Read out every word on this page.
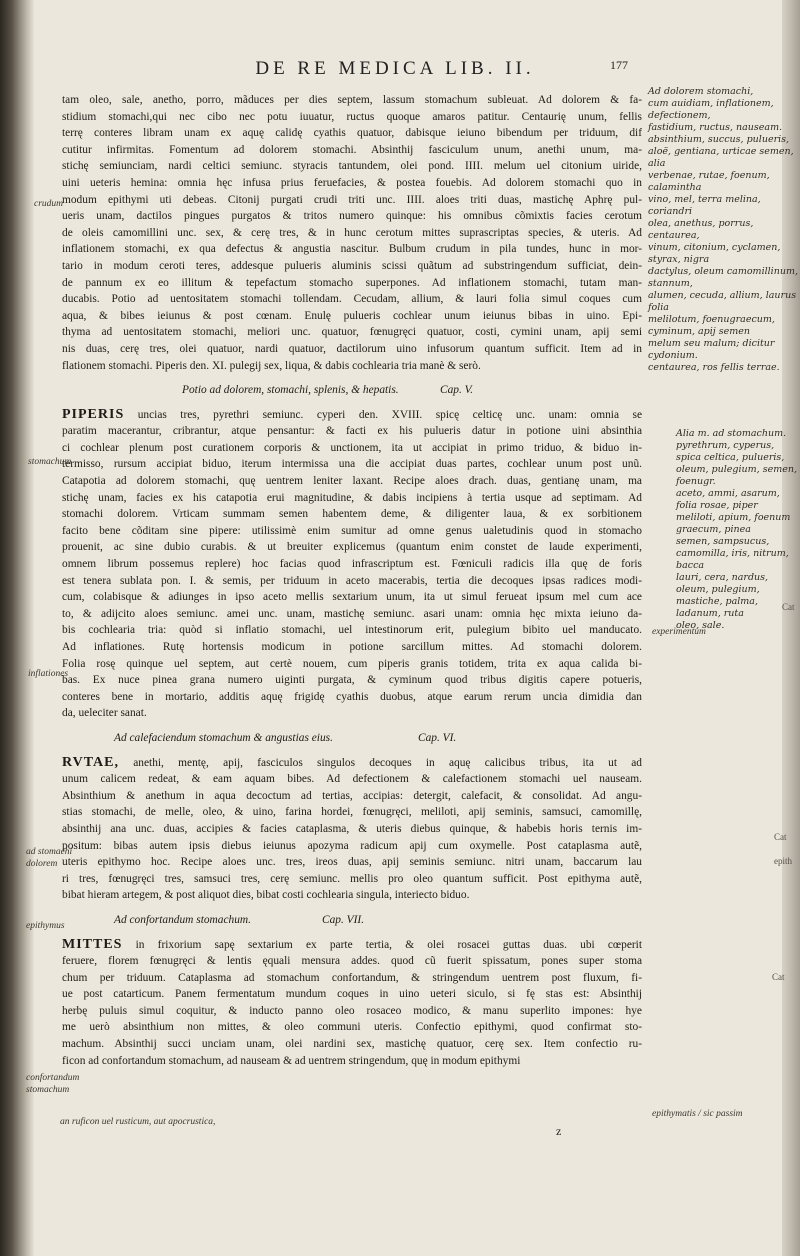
DE RE MEDICA LIB. II.	177
tam oleo, sale, anetho, porro, mãduces per dies septem, lassum stomachum subleuat. Ad dolorem & fa-
stidium stomachi,qui nec cibo nec potu iuuatur, ructus quoque amaros patitur. Centaurię unum, fellis
terrę conteres libram unam ex aquę calidę cyathis quatuor, dabisque ieiuno bibendum per triduum, dif
cutitur infirmitas. Fomentum ad dolorem stomachi. Absinthij fasciculum unum, anethi unum, ma-
stichę semiunciam, nardi celtici semiunc. styracis tantundem, olei pond. IIII. melum uel citonium uiride,
uini ueteris hemina: omnia hęc infusa prius feruefacies, & postea fouebis. Ad dolorem stomachi quo in
modum epithymi uti debeas. Citonij purgati crudi triti unc. IIII. aloes triti duas, mastichę Aphrę pul-
ueris unam, dactilos pingues purgatos & tritos numero quinque: his omnibus cõmixtis facies cerotum
de oleis camomillini unc. sex, & cerę tres, & in hunc cerotum mittes suprascriptas species, & uteris. Ad
inflationem stomachi, ex qua defectus & angustia nascitur. Bulbum crudum in pila tundes, hunc in mor-
tario in modum ceroti teres, addesque pulueris aluminis scissi quãtum ad substringendum sufficiat, dein-
de pannum ex eo illitum & tepefactum stomacho superpones. Ad inflationem stomachi, tutam man-
ducabis. Potio ad uentositatem stomachi tollendam. Cecudam, allium, & lauri folia simul coques cum
aqua, & bibes ieiunus & post cœnam. Enulę pulueris cochlear unum ieiunus bibas in uino. Epi-
thyma ad uentositatem stomachi, meliori unc. quatuor, fœnugręci quatuor, costi, cymini unam, apij semi
nis duas, cerę tres, olei quatuor, nardi quatuor, dactilorum uino infusorum quantum sufficit. Item ad in
flationem stomachi. Piperis den. XI. pulegij sex, liqua, & dabis cochlearia tria manè & serò.
Potio ad dolorem, stomachi, splenis, & hepatis.	Cap. V.
PIPERIS uncias tres, pyrethri semiunc. cyperi den. XVIII. spicę celticę unc. unam: omnia se
paratim macerantur, cribrantur, atque pensantur: & facti ex his pulueris datur in potione uini absinthia
ci cochlear plenum post curationem corporis & unctionem, ita ut accipiat in primo triduo, & biduo in-
termisso, rursum accipiat biduo, iterum intermissa una die accipiat duas partes, cochlear unum post unũ.
Catapotia ad dolorem stomachi, quę uentrem leniter laxant. Recipe aloes drach. duas, gentianę unam, ma
stichę unam, facies ex his catapotia erui magnitudine, & dabis incipiens à tertia usque ad septimam. Ad
stomachi dolorem. Vrticam summam semen habentem deme, & diligenter laua, & ex sorbitionem
facito bene cõditam sine pipere: utilissimè enim sumitur ad omne genus ualetudinis quod in stomacho
prouenit, ac sine dubio curabis. & ut breuiter explicemus (quantum enim constet de laude experimenti,
omnem librum possemus replere) hoc facias quod infrascriptum est. Fœniculi radicis illa quę de foris
est tenera sublata pon. I. & semis, per triduum in aceto macerabis, tertia die decoques ipsas radices modi-
cum, colabisque & adiunges in ipso aceto mellis sextarium unum, ita ut simul ferueat ipsum mel cum ace
to, & adijcito aloes semiunc. amei unc. unam, mastichę semiunc. asari unam: omnia hęc mixta ieiuno da-
bis cochlearia tria: quòd si inflatio stomachi, uel intestinorum erit, pulegium bibito uel manducato.
Ad inflationes. Rutę hortensis modicum in potione sarcillum mittes. Ad stomachi dolorem.
Folia rosę quinque uel septem, aut certè nouem, cum piperis granis totidem, trita ex aqua calida bi-
bas. Ex nuce pinea grana numero uiginti purgata, & cyminum quod tribus digitis capere potueris,
conteres bene in mortario, additis aquę frigidę cyathis duobus, atque earum rerum uncia dimidia dan
da, ueleciter sanat.
Ad calefaciendum stomachum & angustias eius.	Cap. VI.
RVTAE, anethi, mentę, apij, fasciculos singulos decoques in aquę calicibus tribus, ita ut ad
unum calicem redeat, & eam aquam bibes. Ad defectionem & calefactionem stomachi uel nauseam.
Absinthium & anethum in aqua decoctum ad tertias, accipias: detergit, calefacit, & consolidat. Ad angu-
stias stomachi, de melle, oleo, & uino, farina hordei, fœnugręci, meliloti, apij seminis, samsuci, camomillę,
absinthij ana unc. duas, accipies & facies cataplasma, & uteris diebus quinque, & habebis horis ternis im-
positum: bibas autem ipsis diebus ieiunus apozyma radicum apij cum oxymelle. Post cataplasma autẽ,
uteris epithymo hoc. Recipe aloes unc. tres, ireos duas, apij seminis semiunc. nitri unam, baccarum lau
ri tres, fœnugręci tres, samsuci tres, cerę semiunc. mellis pro oleo quantum sufficit. Post epithyma autẽ,
bibat hieram artegem, & post aliquot dies, bibat costi cochlearia singula, interiecto biduo.
Ad confortandum stomachum.	Cap. VII.
MITTES in frixorium sapę sextarium ex parte tertia, & olei rosacei guttas duas. ubi cœperit
feruere, florem fœnugręci & lentis ęquali mensura addes. quod cũ fuerit spissatum, pones super stoma
chum per triduum. Cataplasma ad stomachum confortandum, & stringendum uentrem post fluxum, fi-
ue post catarticum. Panem fermentatum mundum coques in uino ueteri siculo, si fę stas est: Absinthij
herbę puluis simul coquitur, & inducto panno oleo rosaceo modico, & manu superlito impones: hye
me uerò absinthium non mittes, & oleo communi uteris. Confectio epithymi, quod confirmat sto-
machum. Absinthij succi unciam unam, olei nardini sex, mastichę quatuor, cerę sex. Item confectio ru-
ficon ad confortandum stomachum, ad nauseam & ad uentrem stringendum, quę in modum epithymi
z
Ad dolorem stomachi,
cum auidiam, inflationem, defectionem,
fastidium, ructus, nauseam.
absinthium, succus, pulueris,
aloë, gentiana, urticae semen, alia
verbenae, rutae, foenum, calamintha
vino, mel, terra melina, coriandri
olea, anethus, porrus, centaurea,
vinum, citonium, cyclamen, styrax, nigra
dactylus, oleum camomillinum, stannum,
alumen, cecuda, allium, laurus folia
melilotum, foenugraecum, cyminum, apij semen
melum seu malum; dicitur
cydonium.
centaurea, ros fellis terrae.
Alia m. ad stomachum.
pyrethrum, cyperus, spica celtica, pulueris,
oleum, pulegium, semen, foenugr.
aceto, ammi, asarum, folia rosae, piper
meliloti, apium, foenum graecum, pinea
semen, sampsucus, camomilla, iris, nitrum, bacca
lauri, cera, nardus, oleum, pulegium,
mastiche, palma, ladanum, ruta
oleo, sale.
crudum
stomachum
inflationes
ad stomachi
dolorem
epithymus
confortandum
stomachum
experimentum
epithymatis / sic passim
an ruficon uel rusticum, aut apocrustica,
Cat
Cat
epith
Cat
